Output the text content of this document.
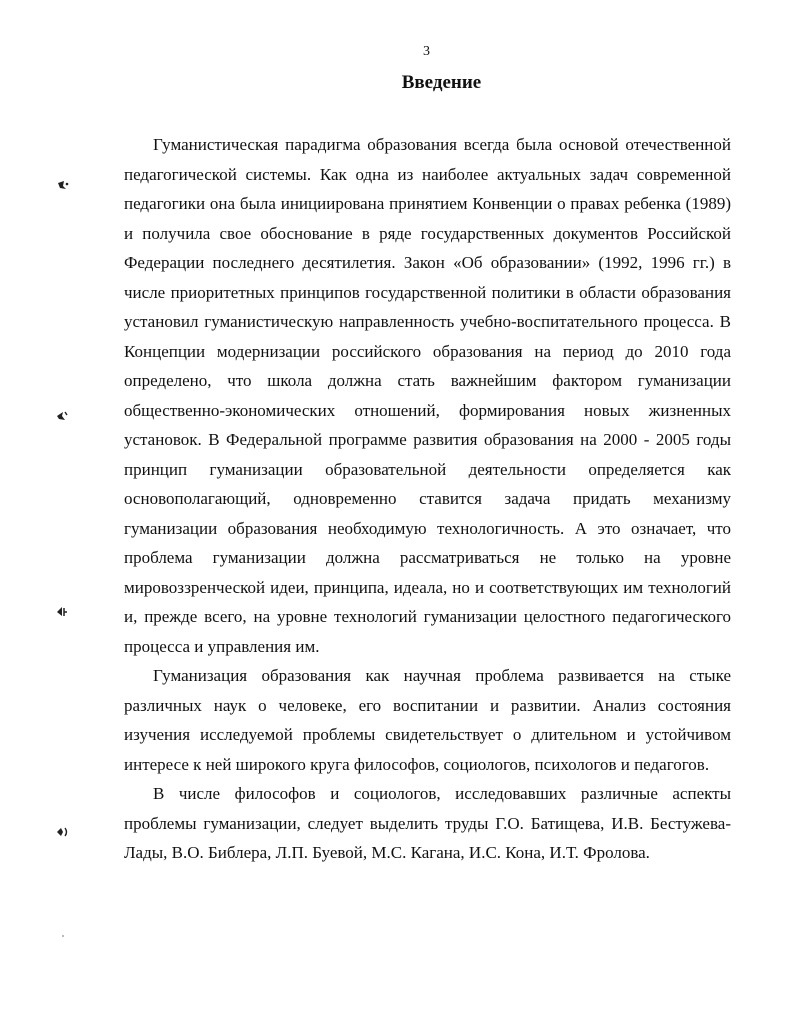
3
Введение

Гуманистическая парадигма образования всегда была основой отечественной педагогической системы. Как одна из наиболее актуальных задач современной педагогики она была инициирована принятием Конвенции о правах ребенка (1989) и получила свое обоснование в ряде государственных документов Российской Федерации последнего десятилетия. Закон «Об образовании» (1992, 1996 гг.) в числе приоритетных принципов государственной политики в области образования установил гуманистическую направленность учебно-воспитательного процесса. В Концепции модернизации российского образования на период до 2010 года определено, что школа должна стать важнейшим фактором гуманизации общественно-экономических отношений, формирования новых жизненных установок. В Федеральной программе развития образования на 2000 - 2005 годы принцип гуманизации образовательной деятельности определяется как основополагающий, одновременно ставится задача придать механизму гуманизации образования необходимую технологичность. А это означает, что проблема гуманизации должна рассматриваться не только на уровне мировоззренческой идеи, принципа, идеала, но и соответствующих им технологий и, прежде всего, на уровне технологий гуманизации целостного педагогического процесса и управления им.

Гуманизация образования как научная проблема развивается на стыке различных наук о человеке, его воспитании и развитии. Анализ состояния изучения исследуемой проблемы свидетельствует о длительном и устойчивом интересе к ней широкого круга философов, социологов, психологов и педагогов.

В числе философов и социологов, исследовавших различные аспекты проблемы гуманизации, следует выделить труды Г.О. Батищева, И.В. Бестужева-Лады, В.О. Библера, Л.П. Буевой, М.С. Кагана, И.С. Кона, И.Т. Фролова.
